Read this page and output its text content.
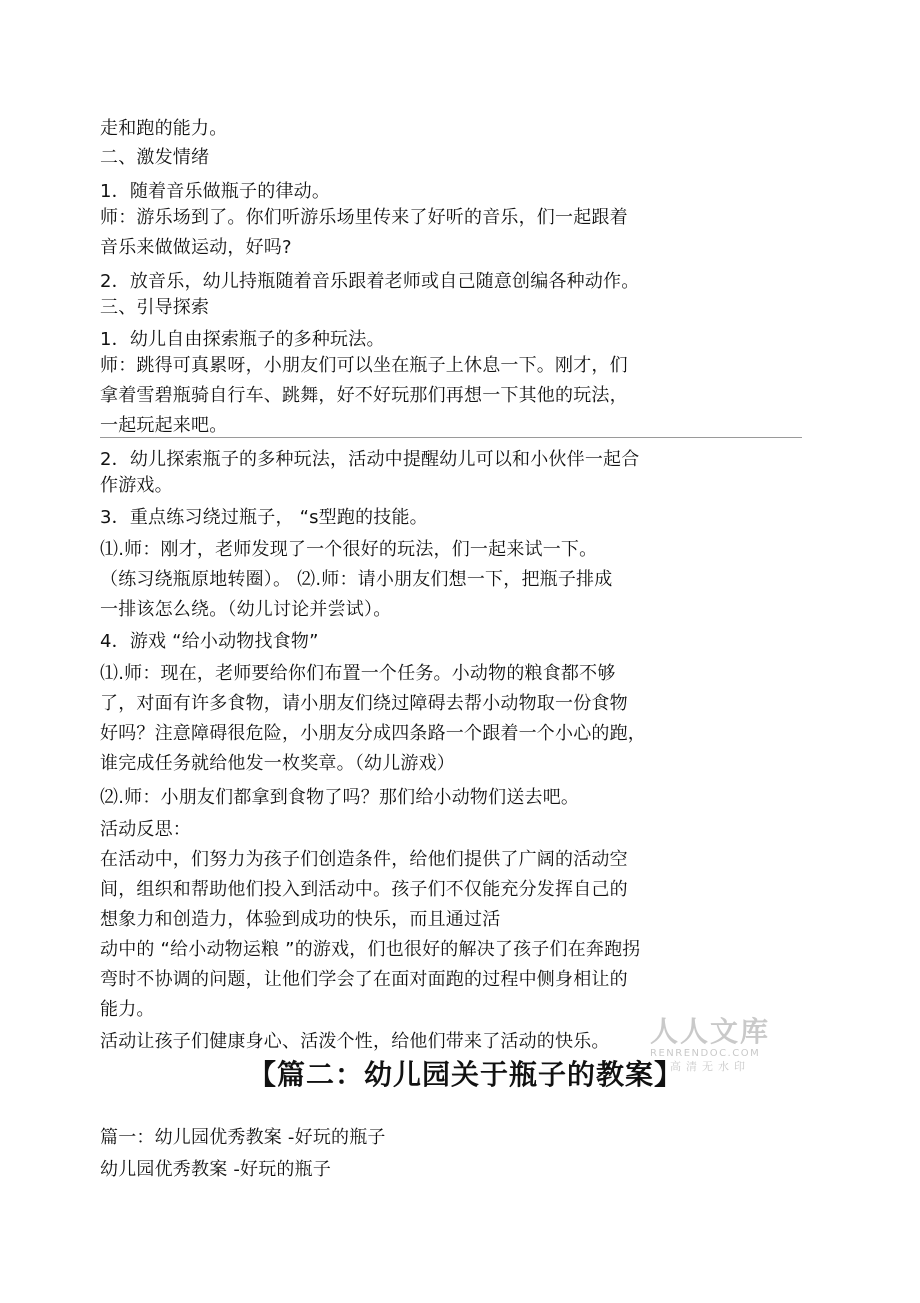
走和跑的能力。
二、激发情绪
1．随着音乐做瓶子的律动。
师：游乐场到了。你们听游乐场里传来了好听的音乐，们一起跟着
音乐来做做运动，好吗?
2．放音乐，幼儿持瓶随着音乐跟着老师或自己随意创编各种动作。
三、引导探索
1．幼儿自由探索瓶子的多种玩法。
师：跳得可真累呀，小朋友们可以坐在瓶子上休息一下。刚才，们
拿着雪碧瓶骑自行车、跳舞，好不好玩那们再想一下其他的玩法，
一起玩起来吧。
2．幼儿探索瓶子的多种玩法，活动中提醒幼儿可以和小伙伴一起合
作游戏。
3．重点练习绕过瓶子， “s型跑的技能。
⑴.师：刚才，老师发现了一个很好的玩法，们一起来试一下。
（练习绕瓶原地转圈）。 ⑵.师：请小朋友们想一下，把瓶子排成
一排该怎么绕。（幼儿讨论并尝试）。
4．游戏 “给小动物找食物”
⑴.师：现在，老师要给你们布置一个任务。小动物的粮食都不够
了，对面有许多食物，请小朋友们绕过障碍去帮小动物取一份食物
好吗？注意障碍很危险，小朋友分成四条路一个跟着一个小心的跑，
谁完成任务就给他发一枚奖章。（幼儿游戏）
⑵.师：小朋友们都拿到食物了吗？那们给小动物们送去吧。
活动反思：
在活动中，们努力为孩子们创造条件，给他们提供了广阔的活动空
间，组织和帮助他们投入到活动中。孩子们不仅能充分发挥自己的
想象力和创造力，体验到成功的快乐，而且通过活
动中的 “给小动物运粮 ”的游戏，们也很好的解决了孩子们在奔跑拐
弯时不协调的问题，让他们学会了在面对面跑的过程中侧身相让的
能力。
活动让孩子们健康身心、活泼个性，给他们带来了活动的快乐。 人人文库
RENRENDOC.COM
高清无水印
【篇二：幼儿园关于瓶子的教案】
篇一：幼儿园优秀教案 -好玩的瓶子
幼儿园优秀教案 -好玩的瓶子
